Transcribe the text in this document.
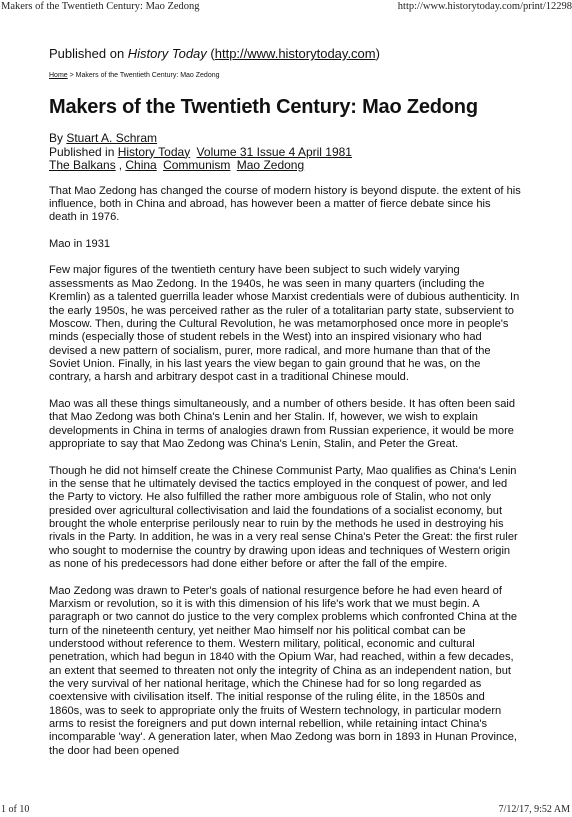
Makers of the Twentieth Century: Mao Zedong	http://www.historytoday.com/print/12298

Published on History Today (http://www.historytoday.com)

Home > Makers of the Twentieth Century: Mao Zedong
Makers of the Twentieth Century: Mao Zedong
By Stuart A. Schram
Published in History Today Volume 31 Issue 4 April 1981
The Balkans , China Communism Mao Zedong

That Mao Zedong has changed the course of modern history is beyond dispute. the extent of his influence, both in China and abroad, has however been a matter of fierce debate since his death in 1976.

Mao in 1931

Few major figures of the twentieth century have been subject to such widely varying assessments as Mao Zedong. In the 1940s, he was seen in many quarters (including the Kremlin) as a talented guerrilla leader whose Marxist credentials were of dubious authenticity. In the early 1950s, he was perceived rather as the ruler of a totalitarian party state, subservient to Moscow. Then, during the Cultural Revolution, he was metamorphosed once more in people's minds (especially those of student rebels in the West) into an inspired visionary who had devised a new pattern of socialism, purer, more radical, and more humane than that of the Soviet Union. Finally, in his last years the view began to gain ground that he was, on the contrary, a harsh and arbitrary despot cast in a traditional Chinese mould.

Mao was all these things simultaneously, and a number of others beside. It has often been said that Mao Zedong was both China's Lenin and her Stalin. If, however, we wish to explain developments in China in terms of analogies drawn from Russian experience, it would be more appropriate to say that Mao Zedong was China's Lenin, Stalin, and Peter the Great.

Though he did not himself create the Chinese Communist Party, Mao qualifies as China's Lenin in the sense that he ultimately devised the tactics employed in the conquest of power, and led the Party to victory. He also fulfilled the rather more ambiguous role of Stalin, who not only presided over agricultural collectivisation and laid the foundations of a socialist economy, but brought the whole enterprise perilously near to ruin by the methods he used in destroying his rivals in the Party. In addition, he was in a very real sense China's Peter the Great: the first ruler who sought to modernise the country by drawing upon ideas and techniques of Western origin as none of his predecessors had done either before or after the fall of the empire.

Mao Zedong was drawn to Peter's goals of national resurgence before he had even heard of Marxism or revolution, so it is with this dimension of his life's work that we must begin. A paragraph or two cannot do justice to the very complex problems which confronted China at the turn of the nineteenth century, yet neither Mao himself nor his political combat can be understood without reference to them. Western military, political, economic and cultural penetration, which had begun in 1840 with the Opium War, had reached, within a few decades, an extent that seemed to threaten not only the integrity of China as an independent nation, but the very survival of her national heritage, which the Chinese had for so long regarded as coextensive with civilisation itself. The initial response of the ruling élite, in the 1850s and 1860s, was to seek to appropriate only the fruits of Western technology, in particular modern arms to resist the foreigners and put down internal rebellion, while retaining intact China's incomparable 'way'. A generation later, when Mao Zedong was born in 1893 in Hunan Province, the door had been opened

1 of 10	7/12/17, 9:52 AM
